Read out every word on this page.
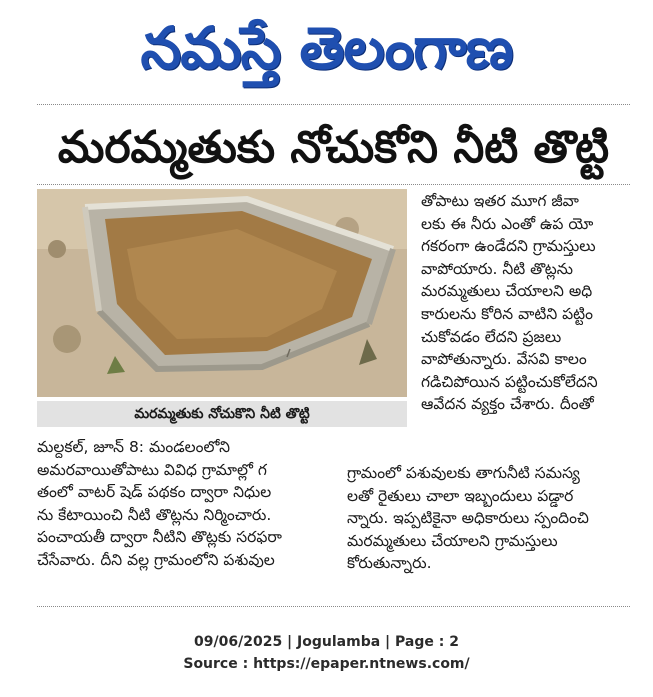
నమస్తే తెలంగాణ
మరమ్మతుకు నోచుకోని నీటి తొట్టి
మరమ్మతుకు నోచుకొని నీటి తొట్టి
తోపాటు ఇతర మూగ జీవా
లకు ఈ నీరు ఎంతో ఉప యో
గకరంగా ఉండేదని గ్రామస్తులు
వాపోయారు. నీటి తొట్లను
మరమ్మతులు చేయాలని అధి
కారులను కోరిన వాటిని పట్టిం
చుకోవడం లేదని ప్రజలు
వాపోతున్నారు. వేసవి కాలం
గడిచిపోయిన పట్టించుకోలేదని
ఆవేదన వ్యక్తం చేశారు. దీంతో
మల్దకల్, జూన్ 8: మండలంలోని
అమరవాయితోపాటు వివిధ గ్రామాల్లో గ
తంలో వాటర్ షెడ్ పథకం ద్వారా నిధుల
ను కేటాయించి నీటి తొట్లను నిర్మించారు.
పంచాయతీ ద్వారా నీటిని తొట్లకు సరఫరా
చేసేవారు. దీని వల్ల గ్రామంలోని పశువుల
గ్రామంలో పశువులకు తాగునీటి సమస్య
లతో రైతులు చాలా ఇబ్బందులు పడ్డార
న్నారు. ఇప్పటికైనా అధికారులు స్పందించి
మరమ్మతులు చేయాలని గ్రామస్తులు
కోరుతున్నారు.
09/06/2025 | Jogulamba | Page : 2
Source : https://epaper.ntnews.com/
